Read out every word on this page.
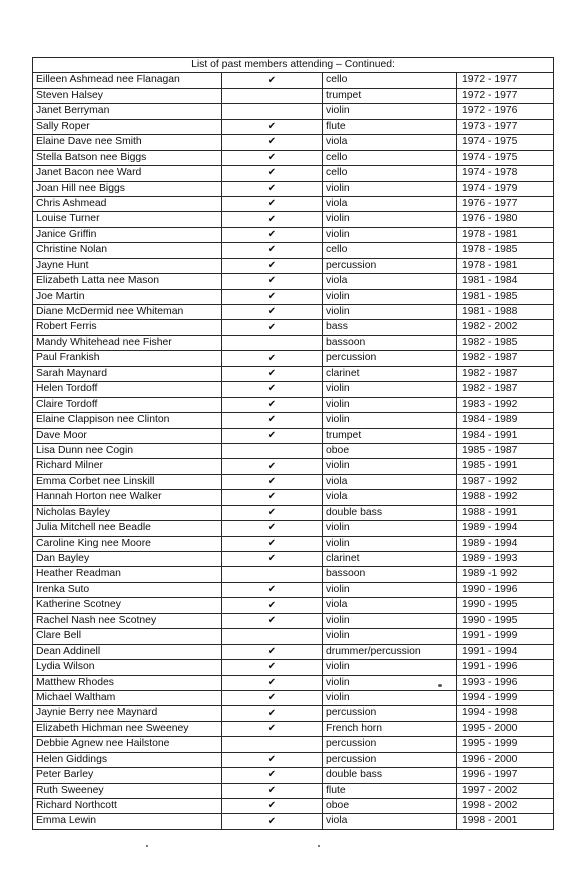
List of past members attending – Continued:			
Eilleen Ashmead nee Flanagan	✔	cello	1972 - 1977
Steven Halsey		trumpet	1972 - 1977
Janet Berryman		violin	1972 - 1976
Sally Roper	✔	flute	1973 - 1977
Elaine Dave nee Smith	✔	viola	1974 - 1975
Stella Batson nee Biggs	✔	cello	1974 - 1975
Janet Bacon nee Ward	✔	cello	1974 - 1978
Joan Hill nee Biggs	✔	violin	1974 - 1979
Chris Ashmead	✔	viola	1976 - 1977
Louise Turner	✔	violin	1976 - 1980
Janice Griffin	✔	violin	1978 - 1981
Christine Nolan	✔	cello	1978 - 1985
Jayne Hunt	✔	percussion	1978 - 1981
Elizabeth Latta nee Mason	✔	viola	1981 - 1984
Joe Martin	✔	violin	1981 - 1985
Diane McDermid nee Whiteman	✔	violin	1981 - 1988
Robert Ferris	✔	bass	1982 - 2002
Mandy Whitehead nee Fisher		bassoon	1982 - 1985
Paul Frankish	✔	percussion	1982 - 1987
Sarah Maynard	✔	clarinet	1982 - 1987
Helen Tordoff	✔	violin	1982 - 1987
Claire Tordoff	✔	violin	1983 - 1992
Elaine Clappison nee Clinton	✔	violin	1984 - 1989
Dave Moor	✔	trumpet	1984 - 1991
Lisa Dunn nee Cogin		oboe	1985 - 1987
Richard Milner	✔	violin	1985 - 1991
Emma Corbet nee Linskill	✔	viola	1987 - 1992
Hannah Horton nee Walker	✔	viola	1988 - 1992
Nicholas Bayley	✔	double bass	1988 - 1991
Julia Mitchell nee Beadle	✔	violin	1989 - 1994
Caroline King nee Moore	✔	violin	1989 - 1994
Dan Bayley	✔	clarinet	1989 - 1993
Heather Readman		bassoon	1989 -1 992
Irenka Suto	✔	violin	1990 - 1996
Katherine Scotney	✔	viola	1990 - 1995
Rachel Nash nee Scotney	✔	violin	1990 - 1995
Clare Bell		violin	1991 - 1999
Dean Addinell	✔	drummer/percussion	1991 - 1994
Lydia Wilson	✔	violin	1991 - 1996
Matthew Rhodes	✔	violin	1993 - 1996
Michael Waltham	✔	violin	1994 - 1999
Jaynie Berry nee Maynard	✔	percussion	1994 - 1998
Elizabeth Hichman nee Sweeney	✔	French horn	1995 - 2000
Debbie Agnew nee Hailstone		percussion	1995 - 1999
Helen Giddings	✔	percussion	1996 - 2000
Peter Barley	✔	double bass	1996 - 1997
Ruth Sweeney	✔	flute	1997 - 2002
Richard Northcott	✔	oboe	1998 - 2002
Emma Lewin	✔	viola	1998 - 2001
